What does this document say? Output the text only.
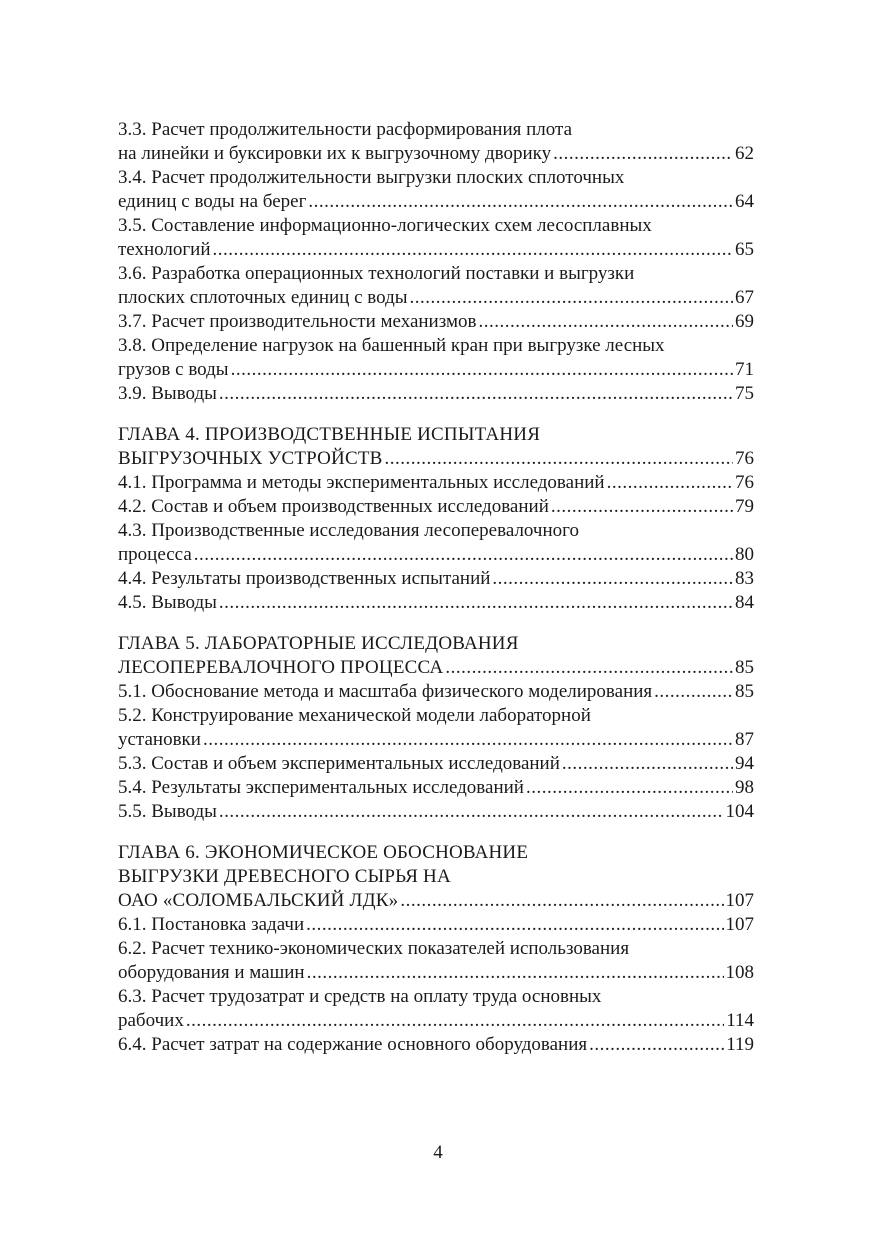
3.3. Расчет продолжительности расформирования плота
на линейки и буксировки их к выгрузочному дворику .....	62
3.4. Расчет продолжительности выгрузки плоских сплоточных
единиц с воды на берег .....	64
3.5. Составление информационно-логических схем лесосплавных
технологий .....	65
3.6. Разработка операционных технологий поставки и выгрузки
плоских сплоточных единиц с воды .....	67
3.7. Расчет производительности механизмов .....	69
3.8. Определение нагрузок на башенный кран при выгрузке лесных
грузов с воды .....	71
3.9. Выводы .....	75
ГЛАВА 4. ПРОИЗВОДСТВЕННЫЕ ИСПЫТАНИЯ
ВЫГРУЗОЧНЫХ УСТРОЙСТВ .....	76
4.1. Программа и методы экспериментальных исследований .....	76
4.2. Состав и объем производственных исследований .....	79
4.3. Производственные исследования лесоперевалочного
процесса .....	80
4.4. Результаты производственных испытаний .....	83
4.5. Выводы .....	84
ГЛАВА 5. ЛАБОРАТОРНЫЕ ИССЛЕДОВАНИЯ
ЛЕСОПЕРЕВАЛОЧНОГО ПРОЦЕССА .....	85
5.1. Обоснование метода и масштаба физического моделирования .....	85
5.2. Конструирование механической модели лабораторной
установки .....	87
5.3. Состав и объем экспериментальных исследований .....	94
5.4. Результаты экспериментальных исследований .....	98
5.5. Выводы .....	104
ГЛАВА 6. ЭКОНОМИЧЕСКОЕ ОБОСНОВАНИЕ
ВЫГРУЗКИ ДРЕВЕСНОГО СЫРЬЯ НА
ОАО «СОЛОМБАЛЬСКИЙ ЛДК» .....	107
6.1. Постановка задачи .....	107
6.2. Расчет технико-экономических показателей использования
оборудования и машин .....	108
6.3. Расчет трудозатрат и средств на оплату труда основных
рабочих .....	114
6.4. Расчет затрат на содержание основного оборудования .....	119
4
